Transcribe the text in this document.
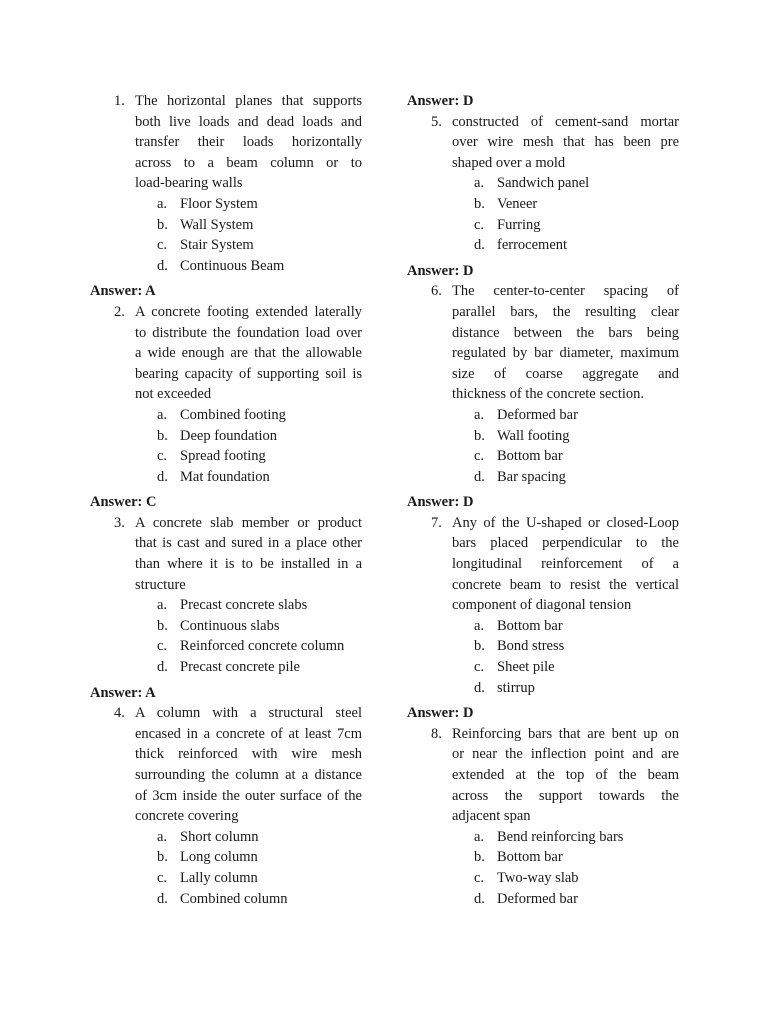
1. The horizontal planes that supports
both live loads and dead loads and
transfer their loads horizontally
across to a beam column or to
load-bearing walls
a. Floor System
b. Wall System
c. Stair System
d. Continuous Beam
Answer: A
2. A concrete footing extended laterally
to distribute the foundation load over
a wide enough are that the allowable
bearing capacity of supporting soil is
not exceeded
a. Combined footing
b. Deep foundation
c. Spread footing
d. Mat foundation
Answer: C
3. A concrete slab member or product
that is cast and sured in a place other
than where it is to be installed in a
structure
a. Precast concrete slabs
b. Continuous slabs
c. Reinforced concrete column
d. Precast concrete pile
Answer: A
4. A column with a structural steel
encased in a concrete of at least 7cm
thick reinforced with wire mesh
surrounding the column at a distance
of 3cm inside the outer surface of the
concrete covering
a. Short column
b. Long column
c. Lally column
d. Combined column
Answer: D
5. constructed of cement-sand mortar
over wire mesh that has been pre
shaped over a mold
a. Sandwich panel
b. Veneer
c. Furring
d. ferrocement
Answer: D
6. The center-to-center spacing of
parallel bars, the resulting clear
distance between the bars being
regulated by bar diameter, maximum
size of coarse aggregate and
thickness of the concrete section.
a. Deformed bar
b. Wall footing
c. Bottom bar
d. Bar spacing
Answer: D
7. Any of the U-shaped or closed-Loop
bars placed perpendicular to the
longitudinal reinforcement of a
concrete beam to resist the vertical
component of diagonal tension
a. Bottom bar
b. Bond stress
c. Sheet pile
d. stirrup
Answer: D
8. Reinforcing bars that are bent up on
or near the inflection point and are
extended at the top of the beam
across the support towards the
adjacent span
a. Bend reinforcing bars
b. Bottom bar
c. Two-way slab
d. Deformed bar
